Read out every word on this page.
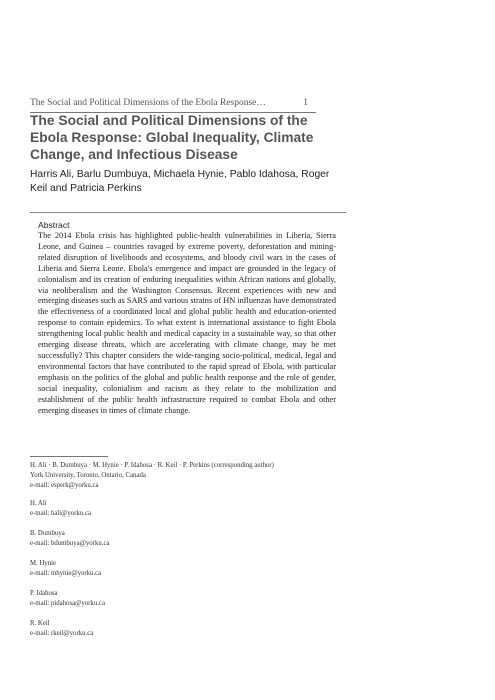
The Social and Political Dimensions of the Ebola Response…	1
The Social and Political Dimensions of the Ebola Response: Global Inequality, Climate Change, and Infectious Disease

Harris Ali, Barlu Dumbuya, Michaela Hynie, Pablo Idahosa, Roger Keil and Patricia Perkins

Abstract

The 2014 Ebola crisis has highlighted public-health vulnerabilities in Liberia, Sierra Leone, and Guinea – countries ravaged by extreme poverty, deforestation and mining-related disruption of livelihoods and ecosystems, and bloody civil wars in the cases of Liberia and Sierra Leone. Ebola's emergence and impact are grounded in the legacy of colonialism and its creation of enduring inequalities within African nations and globally, via neoliberalism and the Washington Consensus. Recent experiences with new and emerging diseases such as SARS and various strains of HN influenzas have demonstrated the effectiveness of a coordinated local and global public health and education-oriented response to contain epidemics. To what extent is international assistance to fight Ebola strengthening local public health and medical capacity in a sustainable way, so that other emerging disease threats, which are accelerating with climate change, may be met successfully? This chapter considers the wide-ranging socio-political, medical, legal and environmental factors that have contributed to the rapid spread of Ebola, with particular emphasis on the politics of the global and public health response and the role of gender, social inequality, colonialism and racism as they relate to the mobilization and establishment of the public health infrastructure required to combat Ebola and other emerging diseases in times of climate change.

H. Ali · B. Dumbuya · M. Hynie · P. Idahosa · R. Keil · P. Perkins (corresponding author)
York University, Toronto, Ontario, Canada
e-mail: esperk@yorku.ca

H. Ali
e-mail: hali@yorku.ca

B. Dumbuya
e-mail: bdumbuya@yorku.ca

M. Hynie
e-mail: mhynie@yorku.ca

P. Idahosa
e-mail: pidahosa@yorku.ca

R. Keil
e-mail: rkeil@yorku.ca
